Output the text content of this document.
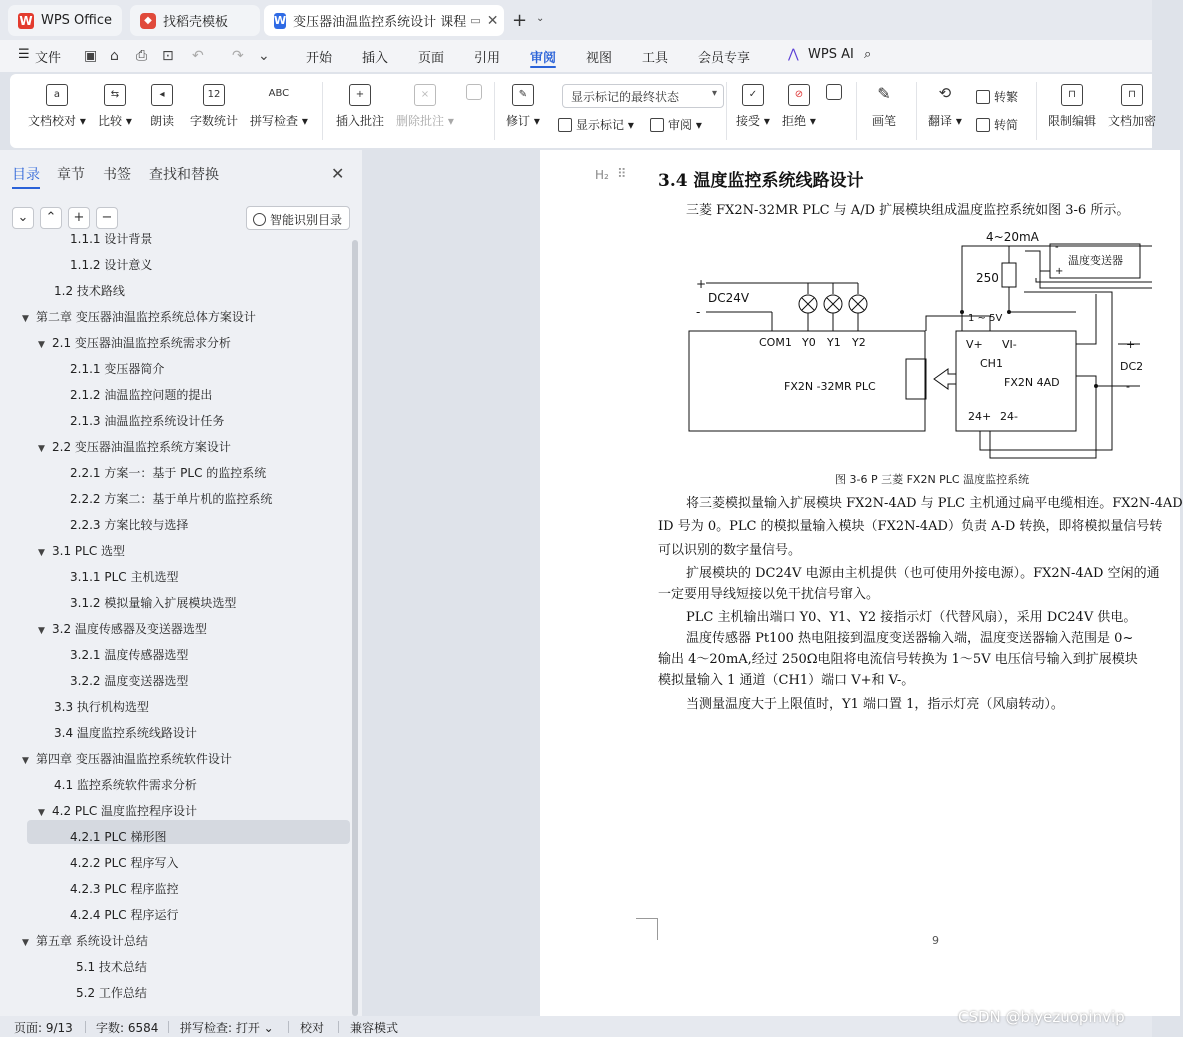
W WPS Office	◆ 找稻壳模板	W 变压器油温监控系统设计 课程 ▭ ✕ + ⌄
☰ 文件 ▣ ⌂ ⎙ ⊡ ↶ ↷ ⌄	开始 插入 页面 引用 审阅 视图 工具 会员专享	⋀ WPS AI ⌕
a
文档校对 ▾
⇆
比较 ▾
◂
朗读
12
字数统计
ABC
拼写检查 ▾
+
插入批注
×
删除批注 ▾
✎
修订 ▾
显示标记的最终状态	▾
显示标记 ▾	审阅 ▾
✓
接受 ▾
⊘
拒绝 ▾
✎
画笔
⟲
翻译 ▾
转繁
转简
⊓
限制编辑
⊓
文档加密
目录 章节 书签 查找和替换	✕
⌄	⌃	+	−	智能识别目录
1.1.1 设计背景
1.1.2 设计意义
1.2 技术路线
▼ 第二章 变压器油温监控系统总体方案设计
▼ 2.1 变压器油温监控系统需求分析
2.1.1 变压器简介
2.1.2 油温监控问题的提出
2.1.3 油温监控系统设计任务
▼ 2.2 变压器油温监控系统方案设计
2.2.1 方案一：基于 PLC 的监控系统
2.2.2 方案二：基于单片机的监控系统
2.2.3 方案比较与选择
▼ 3.1 PLC 选型
3.1.1 PLC 主机选型
3.1.2 模拟量输入扩展模块选型
▼ 3.2 温度传感器及变送器选型
3.2.1 温度传感器选型
3.2.2 温度变送器选型
3.3 执行机构选型
3.4 温度监控系统线路设计
▼ 第四章 变压器油温监控系统软件设计
4.1 监控系统软件需求分析
▼ 4.2 PLC 温度监控程序设计
4.2.1 PLC 梯形图
4.2.2 PLC 程序写入
4.2.3 PLC 程序监控
4.2.4 PLC 程序运行
▼ 第五章 系统设计总结
5.1 技术总结
5.2 工作总结
H₂ ⠿ 3.4 温度监控系统线路设计
三菱 FX2N-32MR PLC 与 A/D 扩展模块组成温度监控系统如图 3-6 所示。
4~20mA
250
温度变送器
-
+
1 ~ 5V
+
-
DC24V
COM1 Y0 Y1 Y2
FX2N -32MR PLC
V+ VI-
CH1
FX2N 4AD
24+ 24-
+
-
DC2
图 3-6 P 三菱 FX2N PLC 温度监控系统
将三菱模拟量输入扩展模块 FX2N-4AD 与 PLC 主机通过扁平电缆相连。FX2N-4AD
ID 号为 0。PLC 的模拟量输入模块（FX2N-4AD）负责 A-D 转换，即将模拟量信号转
可以识别的数字量信号。
扩展模块的 DC24V 电源由主机提供（也可使用外接电源）。FX2N-4AD 空闲的通
一定要用导线短接以免干扰信号窜入。
PLC 主机输出端口 Y0、Y1、Y2 接指示灯（代替风扇），采用 DC24V 供电。
温度传感器 Pt100 热电阻接到温度变送器输入端，温度变送器输入范围是 0~
输出 4～20mA,经过 250Ω电阻将电流信号转换为 1～5V 电压信号输入到扩展模块
模拟量输入 1 通道（CH1）端口 V+和 V-。
当测量温度大于上限值时，Y1 端口置 1，指示灯亮（风扇转动）。
9
页面: 9/13 字数: 6584 拼写检查: 打开 ⌄ 校对 兼容模式
CSDN @biyezuopinvip
